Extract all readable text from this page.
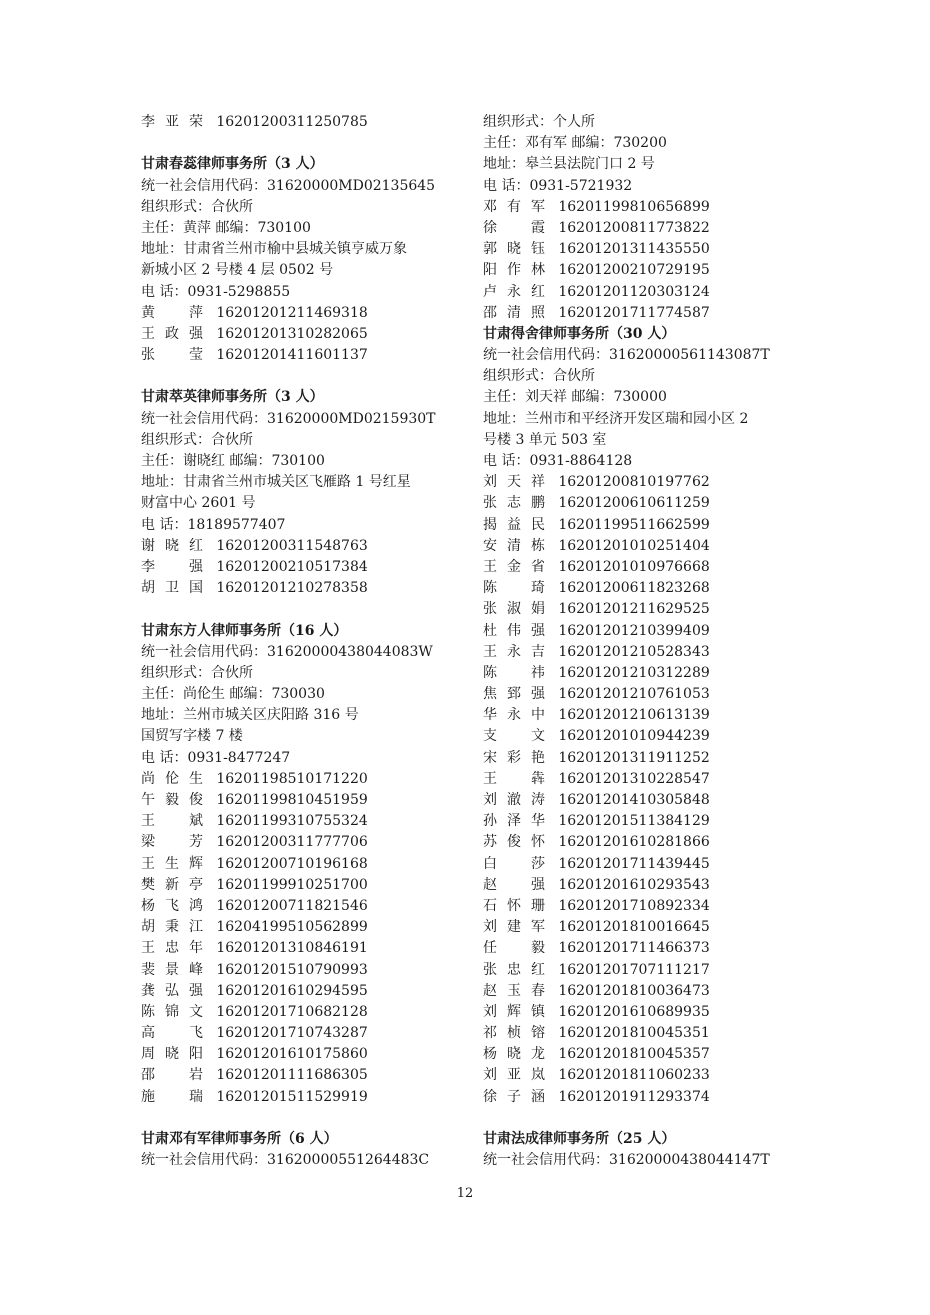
李亚荣 16201200311250785
甘肃春蕊律师事务所（3 人）
统一社会信用代码：31620000MD02135645
组织形式：合伙所
主任：黄萍 邮编：730100
地址：甘肃省兰州市榆中县城关镇亨威万象
新城小区 2 号楼 4 层 0502 号
电 话：0931-5298855
黄萍 16201201211469318
王政强 16201201310282065
张莹 16201201411601137
甘肃萃英律师事务所（3 人）
统一社会信用代码：31620000MD0215930T
组织形式：合伙所
主任：谢晓红 邮编：730100
地址：甘肃省兰州市城关区飞雁路 1 号红星
财富中心 2601 号
电 话：18189577407
谢晓红 16201200311548763
李强 16201200210517384
胡卫国 16201201210278358
甘肃东方人律师事务所（16 人）
统一社会信用代码：31620000438044083W
组织形式：合伙所
主任：尚伦生 邮编：730030
地址：兰州市城关区庆阳路 316 号
国贸写字楼 7 楼
电 话：0931-8477247
尚伦生 16201198510171220
午毅俊 16201199810451959
王斌 16201199310755324
梁芳 16201200311777706
王生辉 16201200710196168
樊新亭 16201199910251700
杨飞鸿 16201200711821546
胡秉江 16204199510562899
王忠年 16201201310846191
裴景峰 16201201510790993
龚弘强 16201201610294595
陈锦文 16201201710682128
高飞 16201201710743287
周晓阳 16201201610175860
邵岩 16201201111686305
施瑞 16201201511529919
甘肃邓有军律师事务所（6 人）
统一社会信用代码：31620000551264483C
组织形式：个人所
主任：邓有军 邮编：730200
地址：皋兰县法院门口 2 号
电 话：0931-5721932
邓有军 16201199810656899
徐霞 16201200811773822
郭晓钰 16201201311435550
阳作林 16201200210729195
卢永红 16201201120303124
邵清照 16201201711774587
甘肃得舍律师事务所（30 人）
统一社会信用代码：31620000561143087T
组织形式：合伙所
主任：刘天祥 邮编：730000
地址：兰州市和平经济开发区瑞和园小区 2
号楼 3 单元 503 室
电 话：0931-8864128
刘天祥 16201200810197762
张志鹏 16201200610611259
揭益民 16201199511662599
安清栋 16201201010251404
王金省 16201201010976668
陈琦 16201200611823268
张淑娟 16201201211629525
杜伟强 16201201210399409
王永吉 16201201210528343
陈祎 16201201210312289
焦郅强 16201201210761053
华永中 16201201210613139
支文 16201201010944239
宋彩艳 16201201311911252
王犇 16201201310228547
刘澈涛 16201201410305848
孙泽华 16201201511384129
苏俊怀 16201201610281866
白莎 16201201711439445
赵强 16201201610293543
石怀珊 16201201710892334
刘建军 16201201810016645
任毅 16201201711466373
张忠红 16201201707111217
赵玉春 16201201810036473
刘辉镇 16201201610689935
祁桢镕 16201201810045351
杨晓龙 16201201810045357
刘亚岚 16201201811060233
徐子涵 16201201911293374
甘肃法成律师事务所（25 人）
统一社会信用代码：31620000438044147T
12
